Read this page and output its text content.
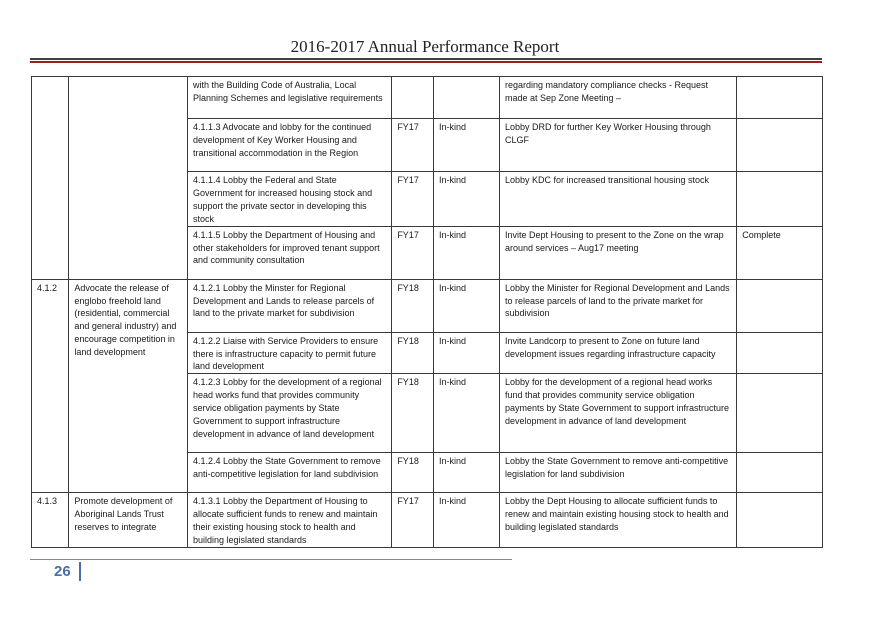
2016-2017 Annual Performance Report
		with the Building Code of Australia, Local Planning Schemes and legislative requirements			regarding mandatory compliance checks - Request made at Sep Zone Meeting –	
		4.1.1.3 Advocate and lobby for the continued development of Key Worker Housing and transitional accommodation in the Region	FY17	In-kind	Lobby DRD for further Key Worker Housing through CLGF	
		4.1.1.4 Lobby the Federal and State Government for increased housing stock and support the private sector in developing this stock	FY17	In-kind	Lobby KDC for increased transitional housing stock	
		4.1.1.5 Lobby the Department of Housing and other stakeholders for improved tenant support and community consultation	FY17	In-kind	Invite Dept Housing to present to the Zone on the wrap around services – Aug17 meeting	Complete
4.1.2	Advocate the release of englobo freehold land (residential, commercial and general industry) and encourage competition in land development	4.1.2.1 Lobby the Minster for Regional Development and Lands to release parcels of land to the private market for subdivision	FY18	In-kind	Lobby the Minister for Regional Development and Lands to release parcels of land to the private market for subdivision	
		4.1.2.2 Liaise with Service Providers to ensure there is infrastructure capacity to permit future land development	FY18	In-kind	Invite Landcorp to present to Zone on future land development issues regarding infrastructure capacity	
		4.1.2.3 Lobby for the development of a regional head works fund that provides community service obligation payments by State Government to support infrastructure development in advance of land development	FY18	In-kind	Lobby for the development of a regional head works fund that provides community service obligation payments by State Government to support infrastructure development in advance of land development	
		4.1.2.4 Lobby the State Government to remove anti-competitive legislation for land subdivision	FY18	In-kind	Lobby the State Government to remove anti-competitive legislation for land subdivision	
4.1.3	Promote development of Aboriginal Lands Trust reserves to integrate	4.1.3.1 Lobby the Department of Housing to allocate sufficient funds to renew and maintain their existing housing stock to health and building legislated standards	FY17	In-kind	Lobby the Dept Housing to allocate sufficient funds to renew and maintain existing housing stock to health and building legislated standards	
26
